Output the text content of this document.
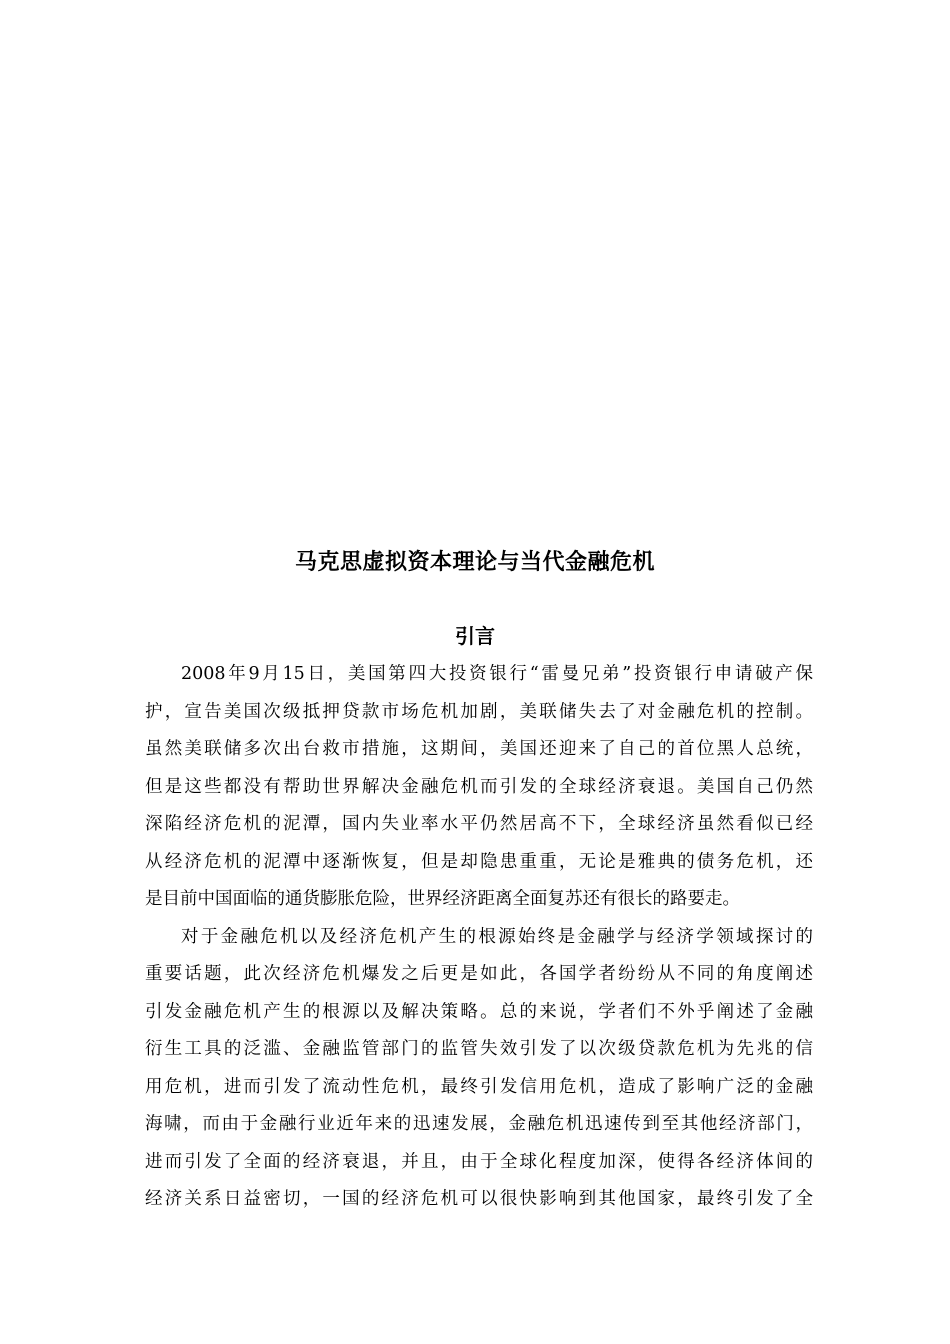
马克思虚拟资本理论与当代金融危机
引言
2008年9月15日，美国第四大投资银行“雷曼兄弟”投资银行申请破产保
护，宣告美国次级抵押贷款市场危机加剧，美联储失去了对金融危机的控制。
虽然美联储多次出台救市措施，这期间，美国还迎来了自己的首位黑人总统，
但是这些都没有帮助世界解决金融危机而引发的全球经济衰退。美国自己仍然
深陷经济危机的泥潭，国内失业率水平仍然居高不下，全球经济虽然看似已经
从经济危机的泥潭中逐渐恢复，但是却隐患重重，无论是雅典的债务危机，还
是目前中国面临的通货膨胀危险，世界经济距离全面复苏还有很长的路要走。
对于金融危机以及经济危机产生的根源始终是金融学与经济学领域探讨的
重要话题，此次经济危机爆发之后更是如此，各国学者纷纷从不同的角度阐述
引发金融危机产生的根源以及解决策略。总的来说，学者们不外乎阐述了金融
衍生工具的泛滥、金融监管部门的监管失效引发了以次级贷款危机为先兆的信
用危机，进而引发了流动性危机，最终引发信用危机，造成了影响广泛的金融
海啸，而由于金融行业近年来的迅速发展，金融危机迅速传到至其他经济部门，
进而引发了全面的经济衰退，并且，由于全球化程度加深，使得各经济体间的
经济关系日益密切，一国的经济危机可以很快影响到其他国家，最终引发了全
